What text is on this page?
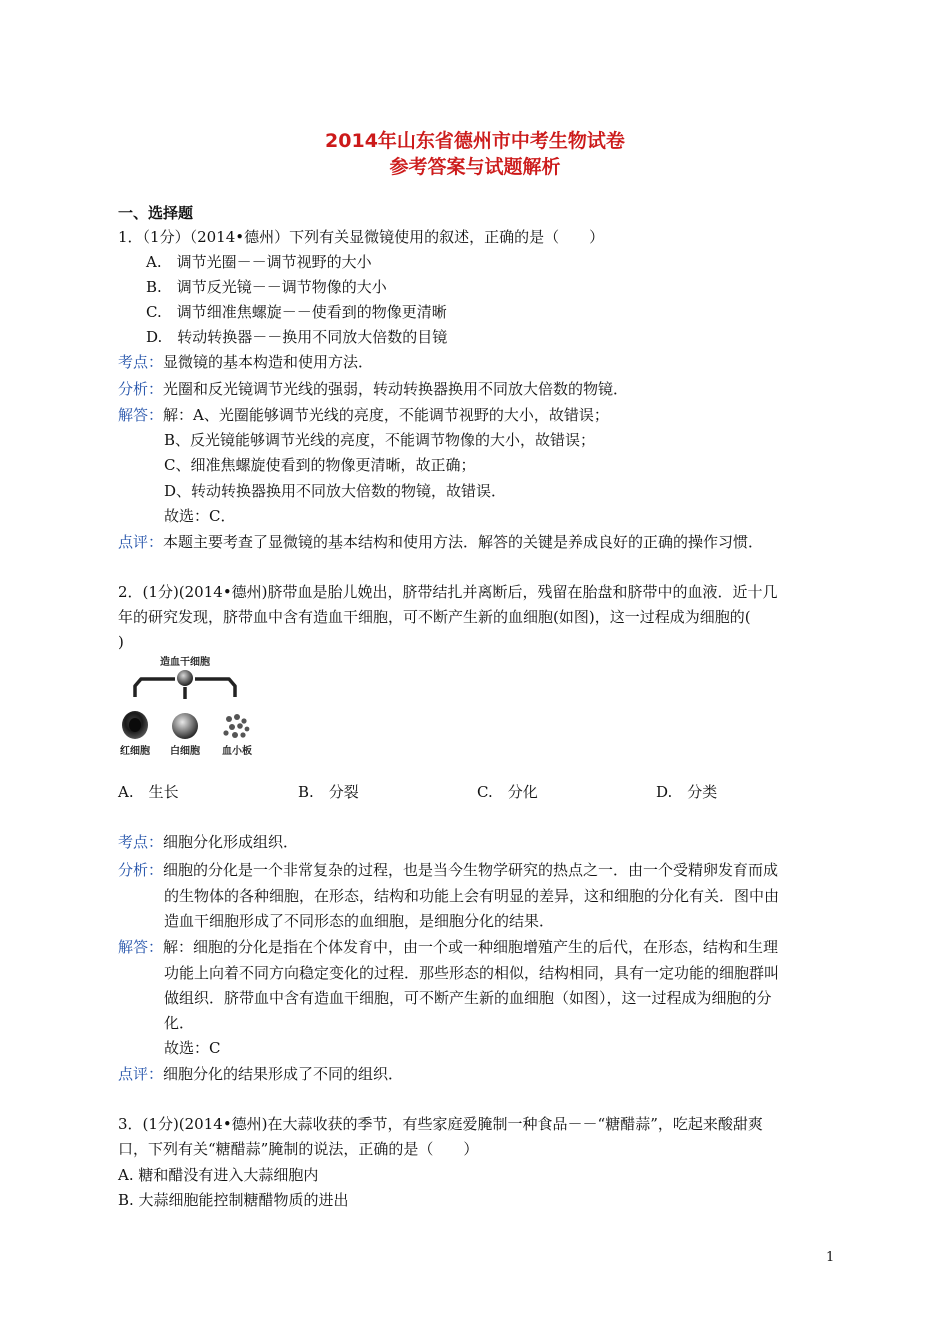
2014年山东省德州市中考生物试卷
参考答案与试题解析
一、选择题
1．（1分）（2014•德州）下列有关显微镜使用的叙述，正确的是（　　）
A.　调节光圈－－调节视野的大小
B.　调节反光镜－－调节物像的大小
C.　调节细准焦螺旋－－使看到的物像更清晰
D.　转动转换器－－换用不同放大倍数的目镜
考点：显微镜的基本构造和使用方法．
分析：光圈和反光镜调节光线的强弱，转动转换器换用不同放大倍数的物镜．
解答：解：A、光圈能够调节光线的亮度，不能调节视野的大小，故错误；
B、反光镜能够调节光线的亮度，不能调节物像的大小，故错误；
C、细准焦螺旋使看到的物像更清晰，故正确；
D、转动转换器换用不同放大倍数的物镜，故错误．
故选：C．
点评：本题主要考查了显微镜的基本结构和使用方法．解答的关键是养成良好的正确的操作习惯．
2．(1分)(2014•德州)脐带血是胎儿娩出，脐带结扎并离断后，残留在胎盘和脐带中的血液．近十几
年的研究发现，脐带血中含有造血干细胞，可不断产生新的血细胞(如图)，这一过程成为细胞的(
)
造血干细胞
红细胞 白细胞 血小板
A.　生长	B.　分裂	C.　分化	D.　分类
考点：细胞分化形成组织．
分析：细胞的分化是一个非常复杂的过程，也是当今生物学研究的热点之一．由一个受精卵发育而成
的生物体的各种细胞，在形态，结构和功能上会有明显的差异，这和细胞的分化有关．图中由
造血干细胞形成了不同形态的血细胞，是细胞分化的结果．
解答：解：细胞的分化是指在个体发育中，由一个或一种细胞增殖产生的后代，在形态，结构和生理
功能上向着不同方向稳定变化的过程．那些形态的相似，结构相同，具有一定功能的细胞群叫
做组织．脐带血中含有造血干细胞，可不断产生新的血细胞（如图），这一过程成为细胞的分
化．
故选：C
点评：细胞分化的结果形成了不同的组织．
3．(1分)(2014•德州)在大蒜收获的季节，有些家庭爱腌制一种食品－－“糖醋蒜”，吃起来酸甜爽
口，下列有关“糖醋蒜”腌制的说法，正确的是（　　）
A. 糖和醋没有进入大蒜细胞内
B. 大蒜细胞能控制糖醋物质的进出
1
